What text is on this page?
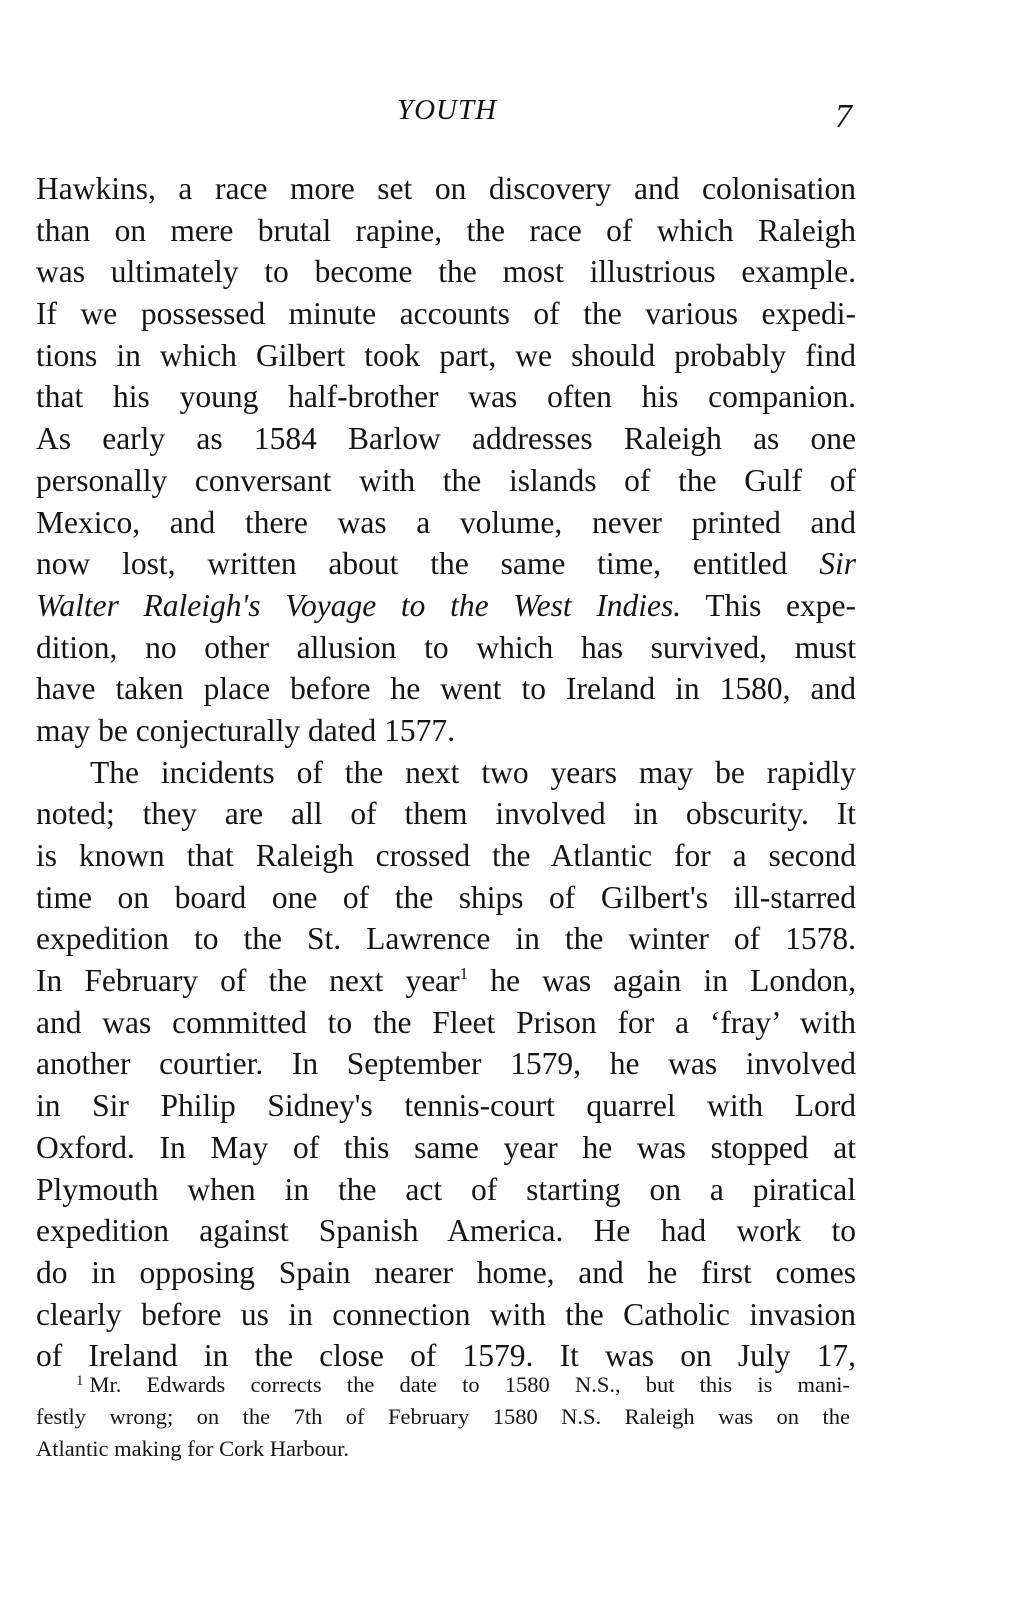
YOUTH	7
Hawkins, a race more set on discovery and colonisation
than on mere brutal rapine, the race of which Raleigh
was ultimately to become the most illustrious example.
If we possessed minute accounts of the various expedi-
tions in which Gilbert took part, we should probably find
that his young half-brother was often his companion.
As early as 1584 Barlow addresses Raleigh as one
personally conversant with the islands of the Gulf of
Mexico, and there was a volume, never printed and
now lost, written about the same time, entitled Sir
Walter Raleigh's Voyage to the West Indies. This expe-
dition, no other allusion to which has survived, must
have taken place before he went to Ireland in 1580, and
may be conjecturally dated 1577.
The incidents of the next two years may be rapidly
noted; they are all of them involved in obscurity. It
is known that Raleigh crossed the Atlantic for a second
time on board one of the ships of Gilbert's ill-starred
expedition to the St. Lawrence in the winter of 1578.
In February of the next year$^1$ he was again in London,
and was committed to the Fleet Prison for a ‘fray’ with
another courtier. In September 1579, he was involved
in Sir Philip Sidney's tennis-court quarrel with Lord
Oxford. In May of this same year he was stopped at
Plymouth when in the act of starting on a piratical
expedition against Spanish America. He had work to
do in opposing Spain nearer home, and he first comes
clearly before us in connection with the Catholic invasion
of Ireland in the close of 1579. It was on July 17,
$^1$ Mr. Edwards corrects the date to 1580 N.S., but this is mani-
festly wrong; on the 7th of February 1580 N.S. Raleigh was on the
Atlantic making for Cork Harbour.
